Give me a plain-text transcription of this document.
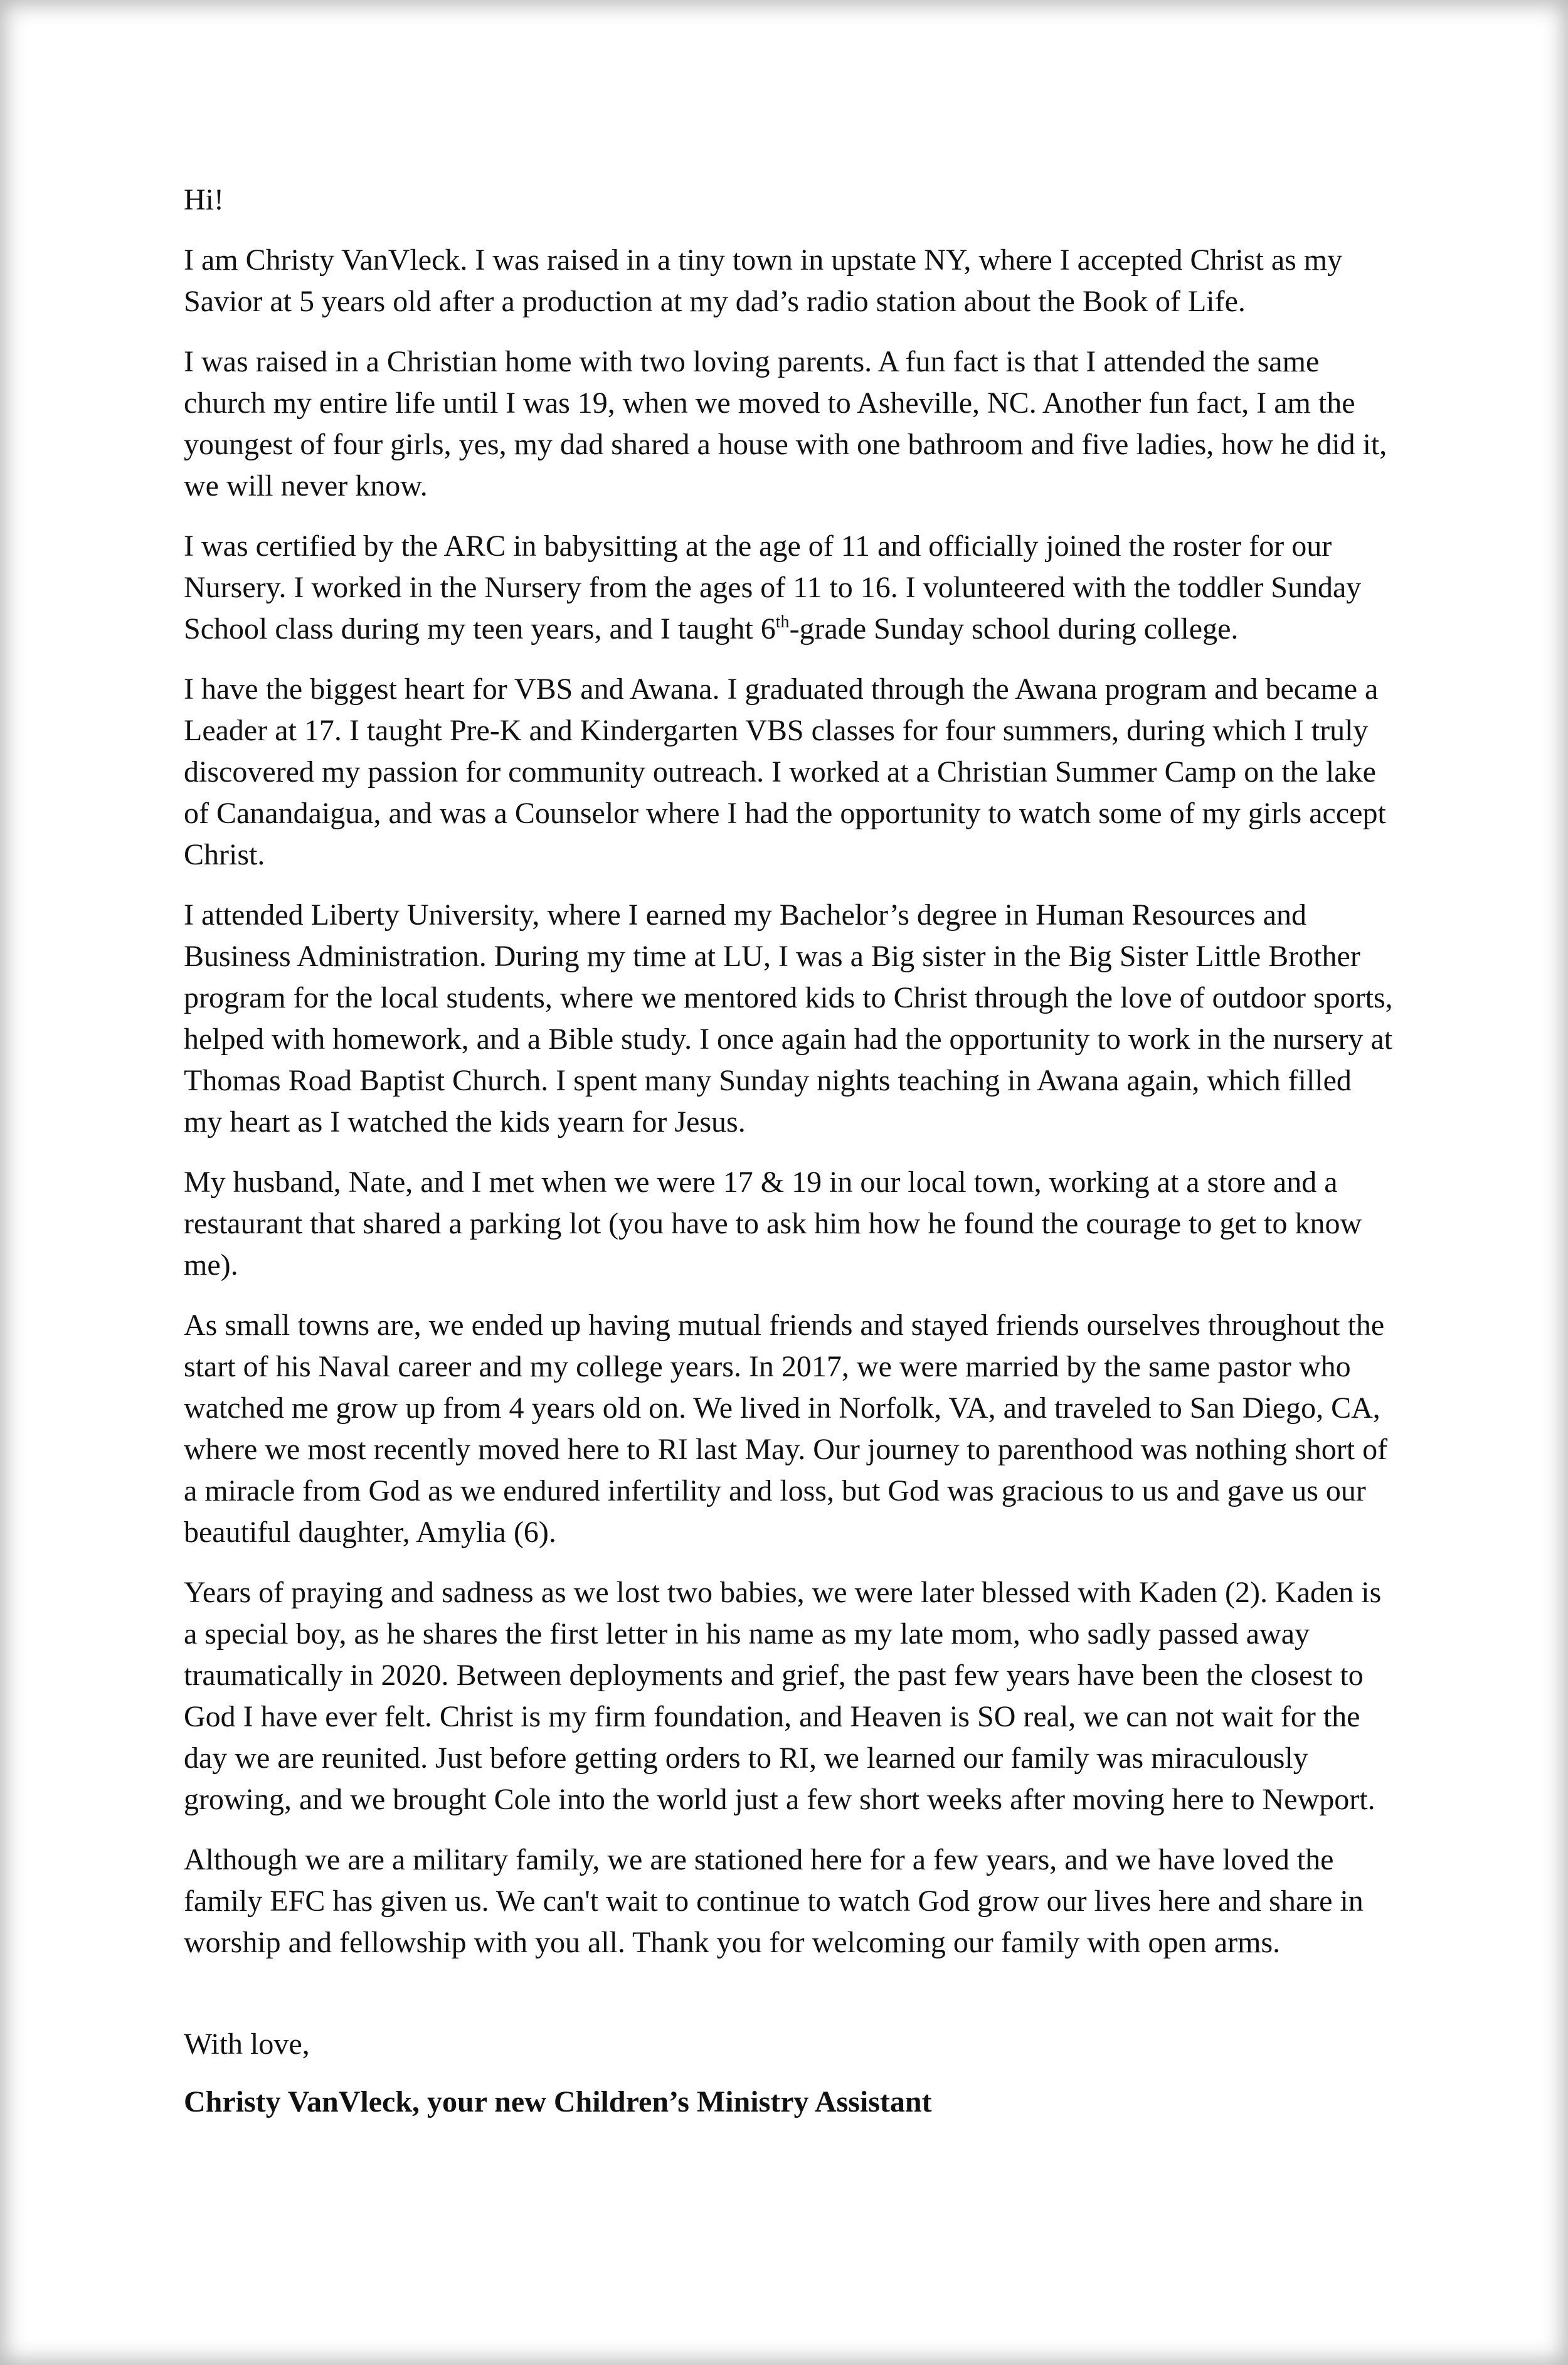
Hi!

I am Christy VanVleck. I was raised in a tiny town in upstate NY, where I accepted Christ as my Savior at 5 years old after a production at my dad’s radio station about the Book of Life.

I was raised in a Christian home with two loving parents. A fun fact is that I attended the same church my entire life until I was 19, when we moved to Asheville, NC. Another fun fact, I am the youngest of four girls, yes, my dad shared a house with one bathroom and five ladies, how he did it, we will never know.

I was certified by the ARC in babysitting at the age of 11 and officially joined the roster for our Nursery. I worked in the Nursery from the ages of 11 to 16. I volunteered with the toddler Sunday School class during my teen years, and I taught 6th-grade Sunday school during college.

I have the biggest heart for VBS and Awana. I graduated through the Awana program and became a Leader at 17. I taught Pre-K and Kindergarten VBS classes for four summers, during which I truly discovered my passion for community outreach. I worked at a Christian Summer Camp on the lake of Canandaigua, and was a Counselor where I had the opportunity to watch some of my girls accept Christ.

I attended Liberty University, where I earned my Bachelor’s degree in Human Resources and Business Administration. During my time at LU, I was a Big sister in the Big Sister Little Brother program for the local students, where we mentored kids to Christ through the love of outdoor sports, helped with homework, and a Bible study. I once again had the opportunity to work in the nursery at Thomas Road Baptist Church. I spent many Sunday nights teaching in Awana again, which filled my heart as I watched the kids yearn for Jesus.

My husband, Nate, and I met when we were 17 & 19 in our local town, working at a store and a restaurant that shared a parking lot (you have to ask him how he found the courage to get to know me).

As small towns are, we ended up having mutual friends and stayed friends ourselves throughout the start of his Naval career and my college years. In 2017, we were married by the same pastor who watched me grow up from 4 years old on. We lived in Norfolk, VA, and traveled to San Diego, CA, where we most recently moved here to RI last May. Our journey to parenthood was nothing short of a miracle from God as we endured infertility and loss, but God was gracious to us and gave us our beautiful daughter, Amylia (6).

Years of praying and sadness as we lost two babies, we were later blessed with Kaden (2). Kaden is a special boy, as he shares the first letter in his name as my late mom, who sadly passed away traumatically in 2020. Between deployments and grief, the past few years have been the closest to God I have ever felt. Christ is my firm foundation, and Heaven is SO real, we can not wait for the day we are reunited. Just before getting orders to RI, we learned our family was miraculously growing, and we brought Cole into the world just a few short weeks after moving here to Newport.

Although we are a military family, we are stationed here for a few years, and we have loved the family EFC has given us. We can't wait to continue to watch God grow our lives here and share in worship and fellowship with you all. Thank you for welcoming our family with open arms.

With love,

Christy VanVleck, your new Children’s Ministry Assistant
